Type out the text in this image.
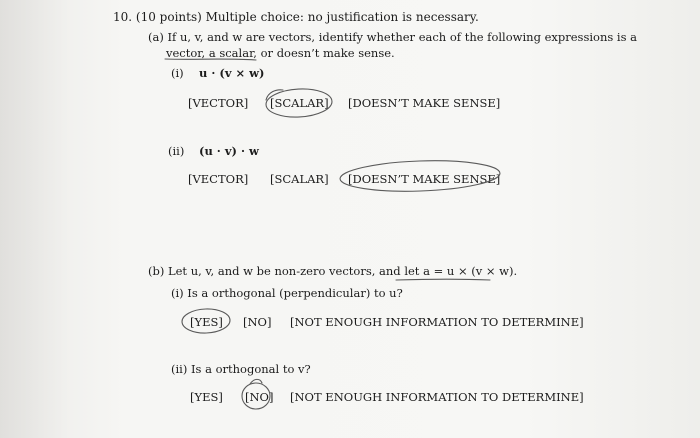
10. (10 points) Multiple choice: no justification is necessary.
(a) If u, v, and w are vectors, identify whether each of the following expressions is a
vector, a scalar, or doesn’t make sense.
(i) u · (v × w)
[VECTOR] [SCALAR] [DOESN’T MAKE SENSE]
(ii) (u · v) · w
[VECTOR] [SCALAR] [DOESN’T MAKE SENSE]
(b) Let u, v, and w be non-zero vectors, and let a = u × (v × w).
(i) Is a orthogonal (perpendicular) to u?
[YES] [NO] [NOT ENOUGH INFORMATION TO DETERMINE]
(ii) Is a orthogonal to v?
[YES] [NO] [NOT ENOUGH INFORMATION TO DETERMINE]
